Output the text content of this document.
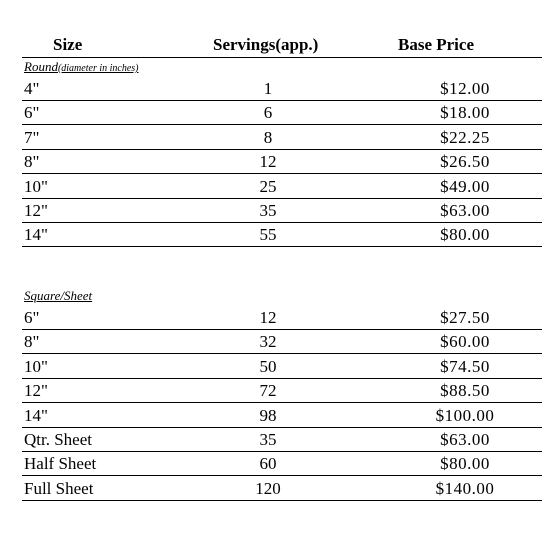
Size	Servings(app.)	Base Price
Round(diameter in inches)
4"	1	$12.00
6"	6	$18.00
7"	8	$22.25
8"	12	$26.50
10"	25	$49.00
12"	35	$63.00
14"	55	$80.00
Square/Sheet
6"	12	$27.50
8"	32	$60.00
10"	50	$74.50
12"	72	$88.50
14"	98	$100.00
Qtr. Sheet	35	$63.00
Half Sheet	60	$80.00
Full Sheet	120	$140.00
